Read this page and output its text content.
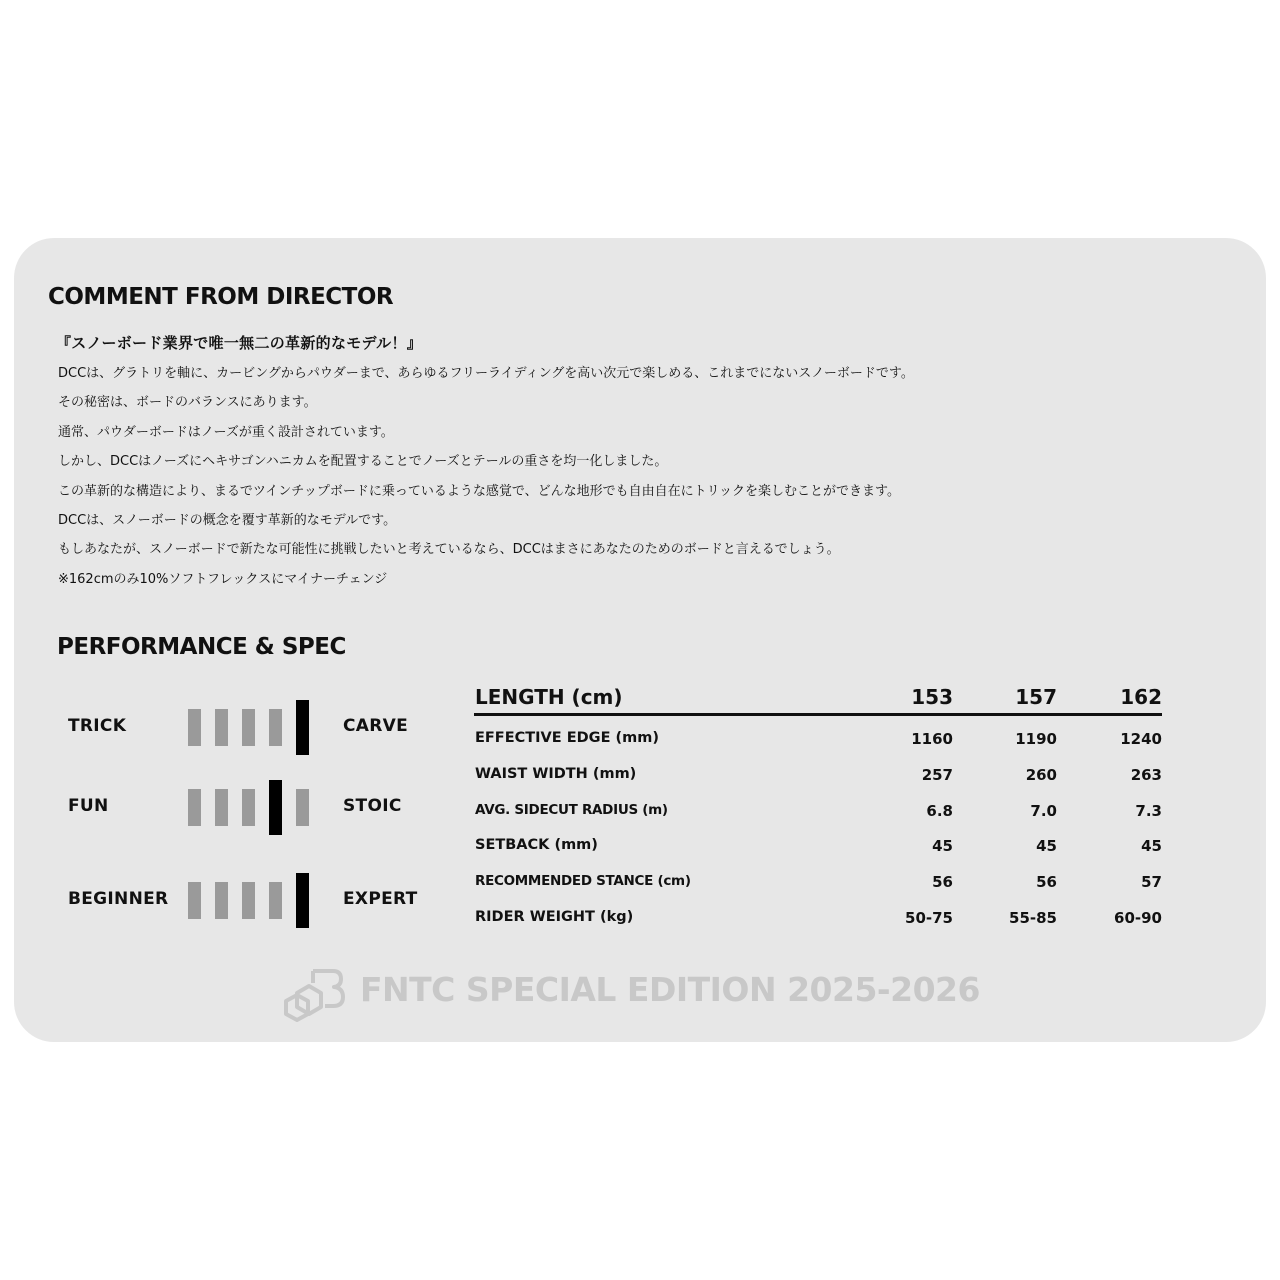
COMMENT FROM DIRECTOR

『スノーボード業界で唯一無二の革新的なモデル！』

DCCは、グラトリを軸に、カービングからパウダーまで、あらゆるフリーライディングを高い次元で楽しめる、これまでにないスノーボードです。
その秘密は、ボードのバランスにあります。
通常、パウダーボードはノーズが重く設計されています。
しかし、DCCはノーズにヘキサゴンハニカムを配置することでノーズとテールの重さを均一化しました。
この革新的な構造により、まるでツインチップボードに乗っているような感覚で、どんな地形でも自由自在にトリックを楽しむことができます。
DCCは、スノーボードの概念を覆す革新的なモデルです。
もしあなたが、スノーボードで新たな可能性に挑戦したいと考えているなら、DCCはまさにあなたのためのボードと言えるでしょう。
※162cmのみ10%ソフトフレックスにマイナーチェンジ
PERFORMANCE & SPEC
TRICK	CARVE
FUN	STOIC
BEGINNER	EXPERT
LENGTH (cm)	153	157	162
EFFECTIVE EDGE (mm)	1160	1190	1240
WAIST WIDTH (mm)	257	260	263
AVG. SIDECUT RADIUS (m)	6.8	7.0	7.3
SETBACK (mm)	45	45	45
RECOMMENDED STANCE (cm)	56	56	57
RIDER WEIGHT (kg)	50-75	55-85	60-90
FNTC SPECIAL EDITION 2025-2026
